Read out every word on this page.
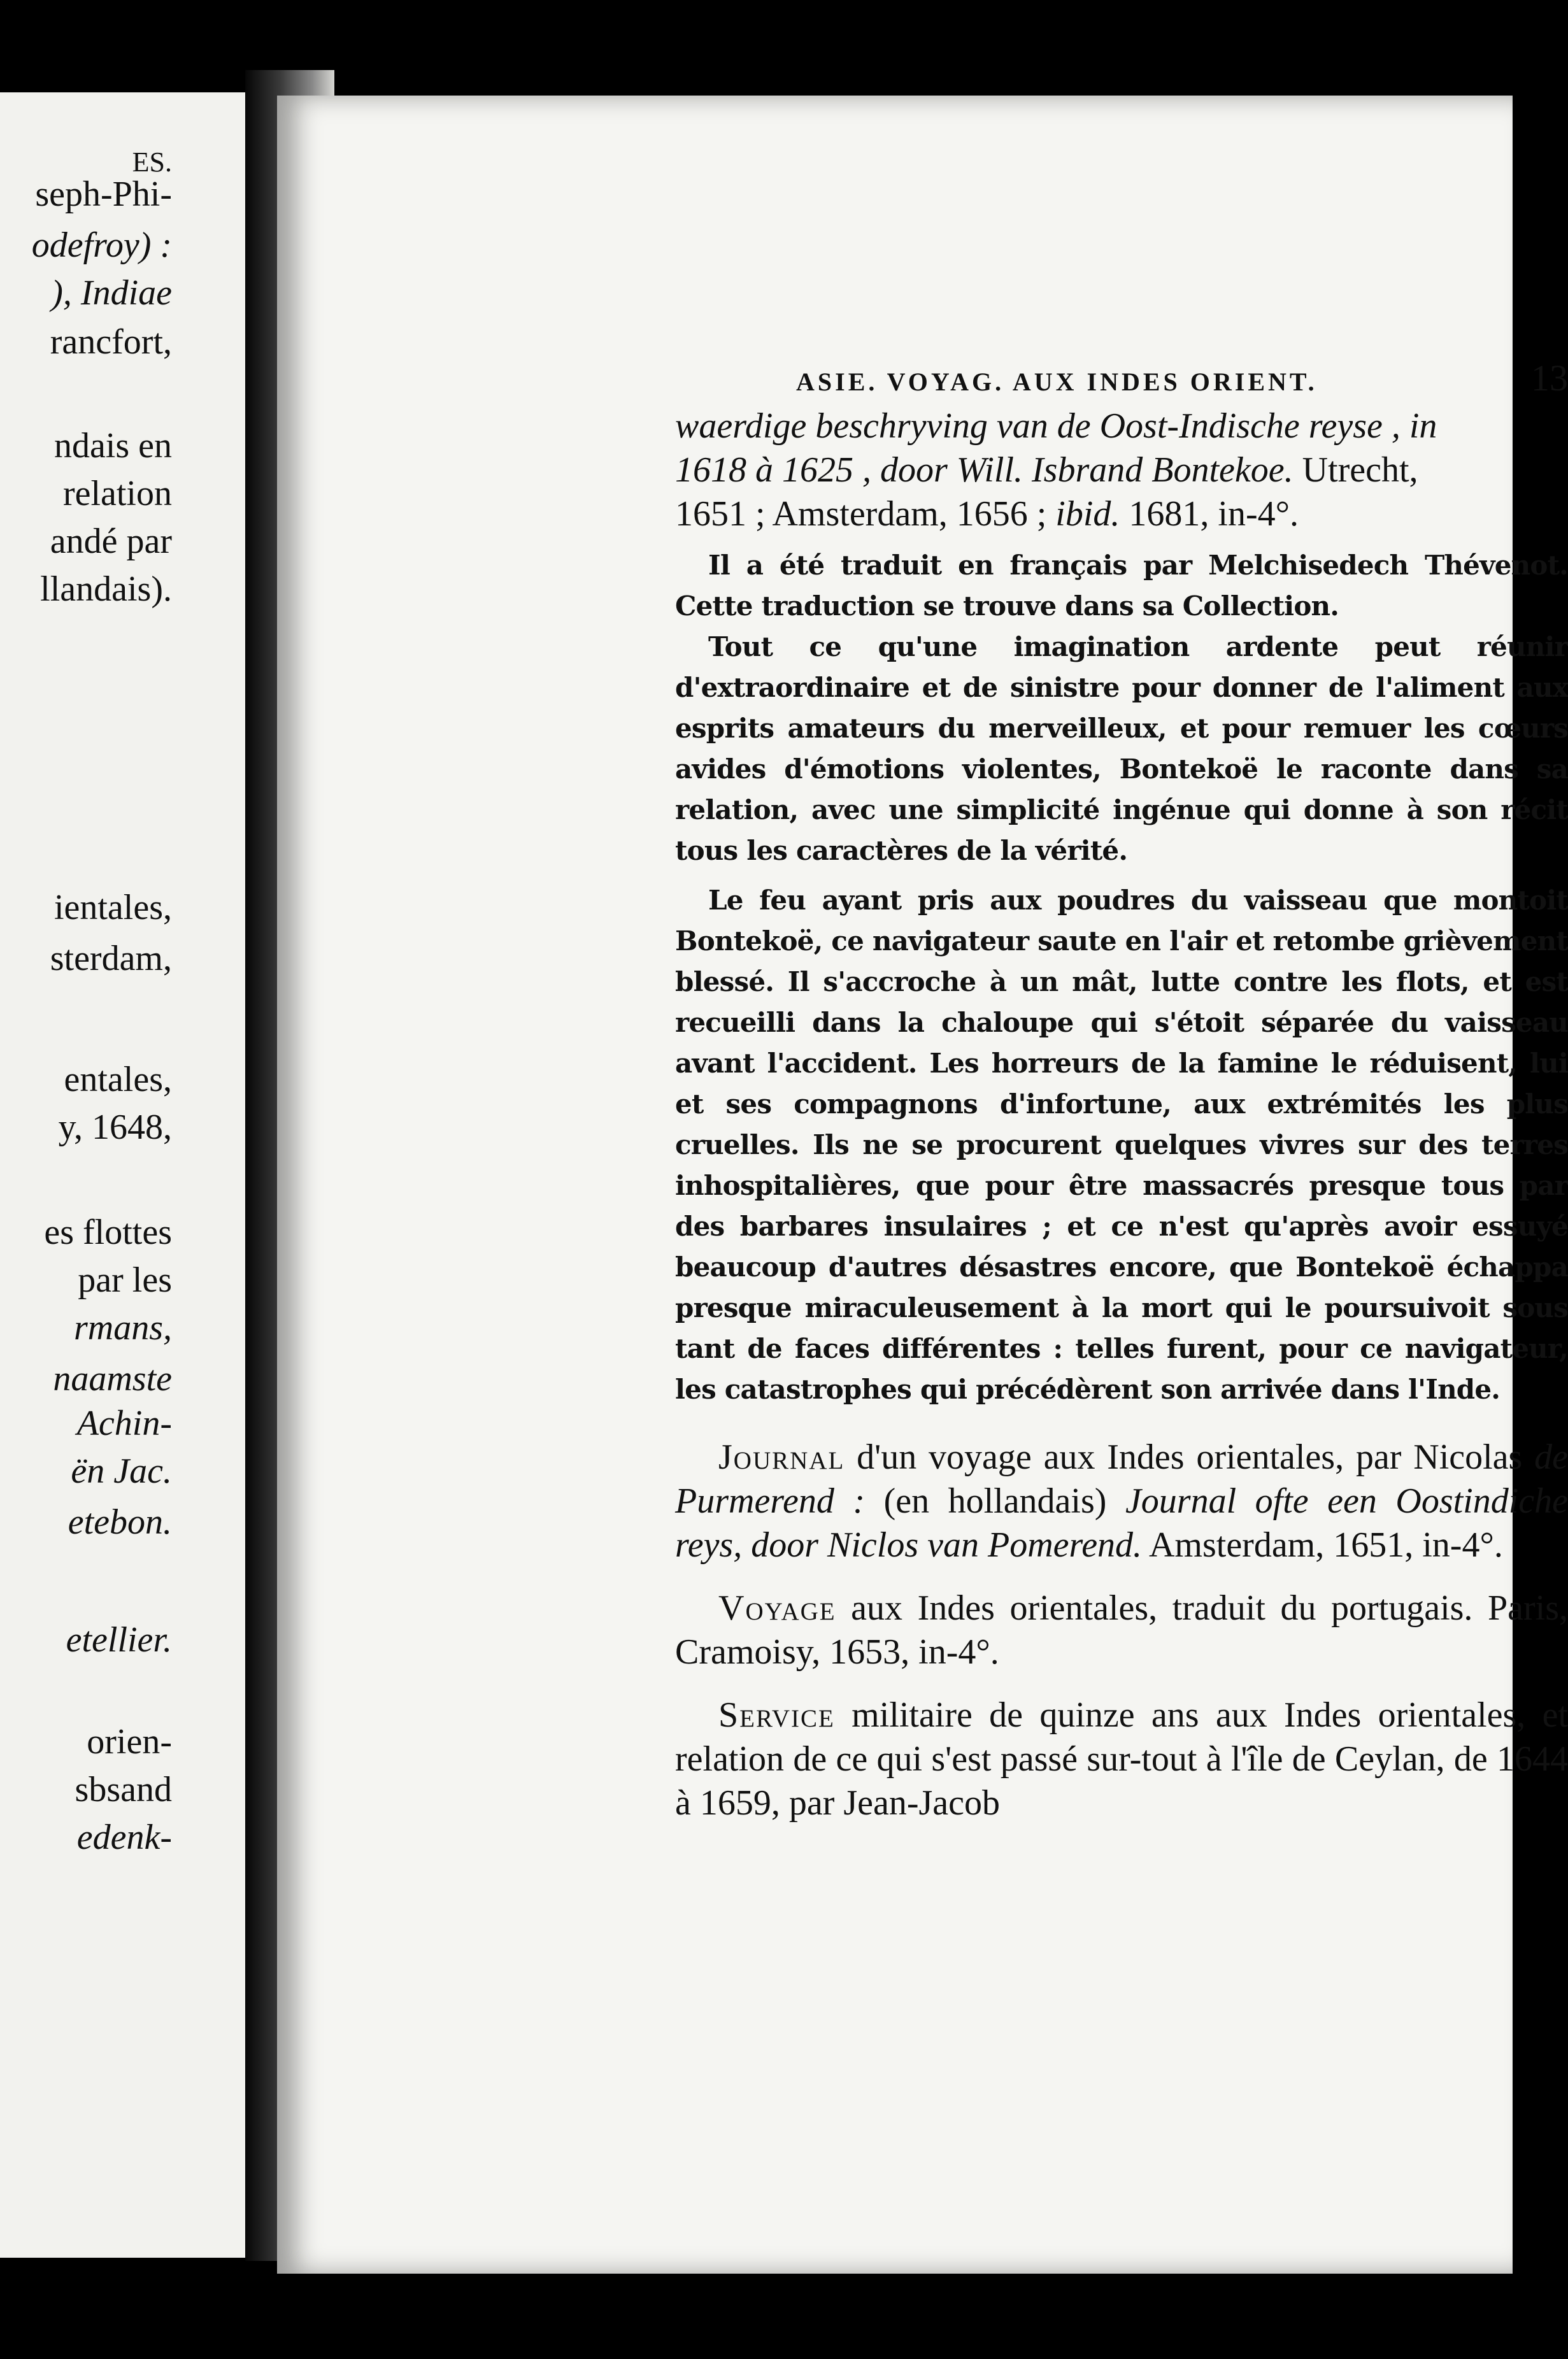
ES.
seph-Phi-
odefroy) :
), Indiae
rancfort,
ndais en
relation
andé par
llandais).
ientales,
sterdam,
entales,
y, 1648,
es flottes
par les
rmans,
naamste
Achin-
ën Jac.
etebon.
etellier.
orien-
sbsand
edenk-
ASIE. VOYAG. AUX INDES ORIENT.	13

waerdige beschryving van de Oost-Indische reyse , in
1618 à 1625 , door Will. Isbrand Bontekoe. Utrecht,
1651 ; Amsterdam, 1656 ; ibid. 1681, in-4°.

Il a été traduit en français par Melchisedech Thévenot. Cette traduction se trouve dans sa Collection.

Tout ce qu'une imagination ardente peut réunir d'extraordinaire et de sinistre pour donner de l'aliment aux esprits amateurs du merveilleux, et pour remuer les cœurs avides d'émotions violentes, Bontekoë le raconte dans sa relation, avec une simplicité ingénue qui donne à son récit tous les caractères de la vérité.

Le feu ayant pris aux poudres du vaisseau que montoit Bontekoë, ce navigateur saute en l'air et retombe grièvement blessé. Il s'accroche à un mât, lutte contre les flots, et est recueilli dans la chaloupe qui s'étoit séparée du vaisseau avant l'accident. Les horreurs de la famine le réduisent, lui et ses compagnons d'infortune, aux extrémités les plus cruelles. Ils ne se procurent quelques vivres sur des terres inhospitalières, que pour être massacrés presque tous par des barbares insulaires ; et ce n'est qu'après avoir essuyé beaucoup d'autres désastres encore, que Bontekoë échappa presque miraculeusement à la mort qui le poursuivoit sous tant de faces différentes : telles furent, pour ce navigateur, les catastrophes qui précédèrent son arrivée dans l'Inde.

Journal d'un voyage aux Indes orientales, par Nicolas de Purmerend : (en hollandais) Journal ofte een Oostindiche reys, door Niclos van Pomerend. Amsterdam, 1651, in-4°.

Voyage aux Indes orientales, traduit du portugais. Paris, Cramoisy, 1653, in-4°.

Service militaire de quinze ans aux Indes orientales, et relation de ce qui s'est passé sur-tout à l'île de Ceylan, de 1644 à 1659, par Jean-Jacob
